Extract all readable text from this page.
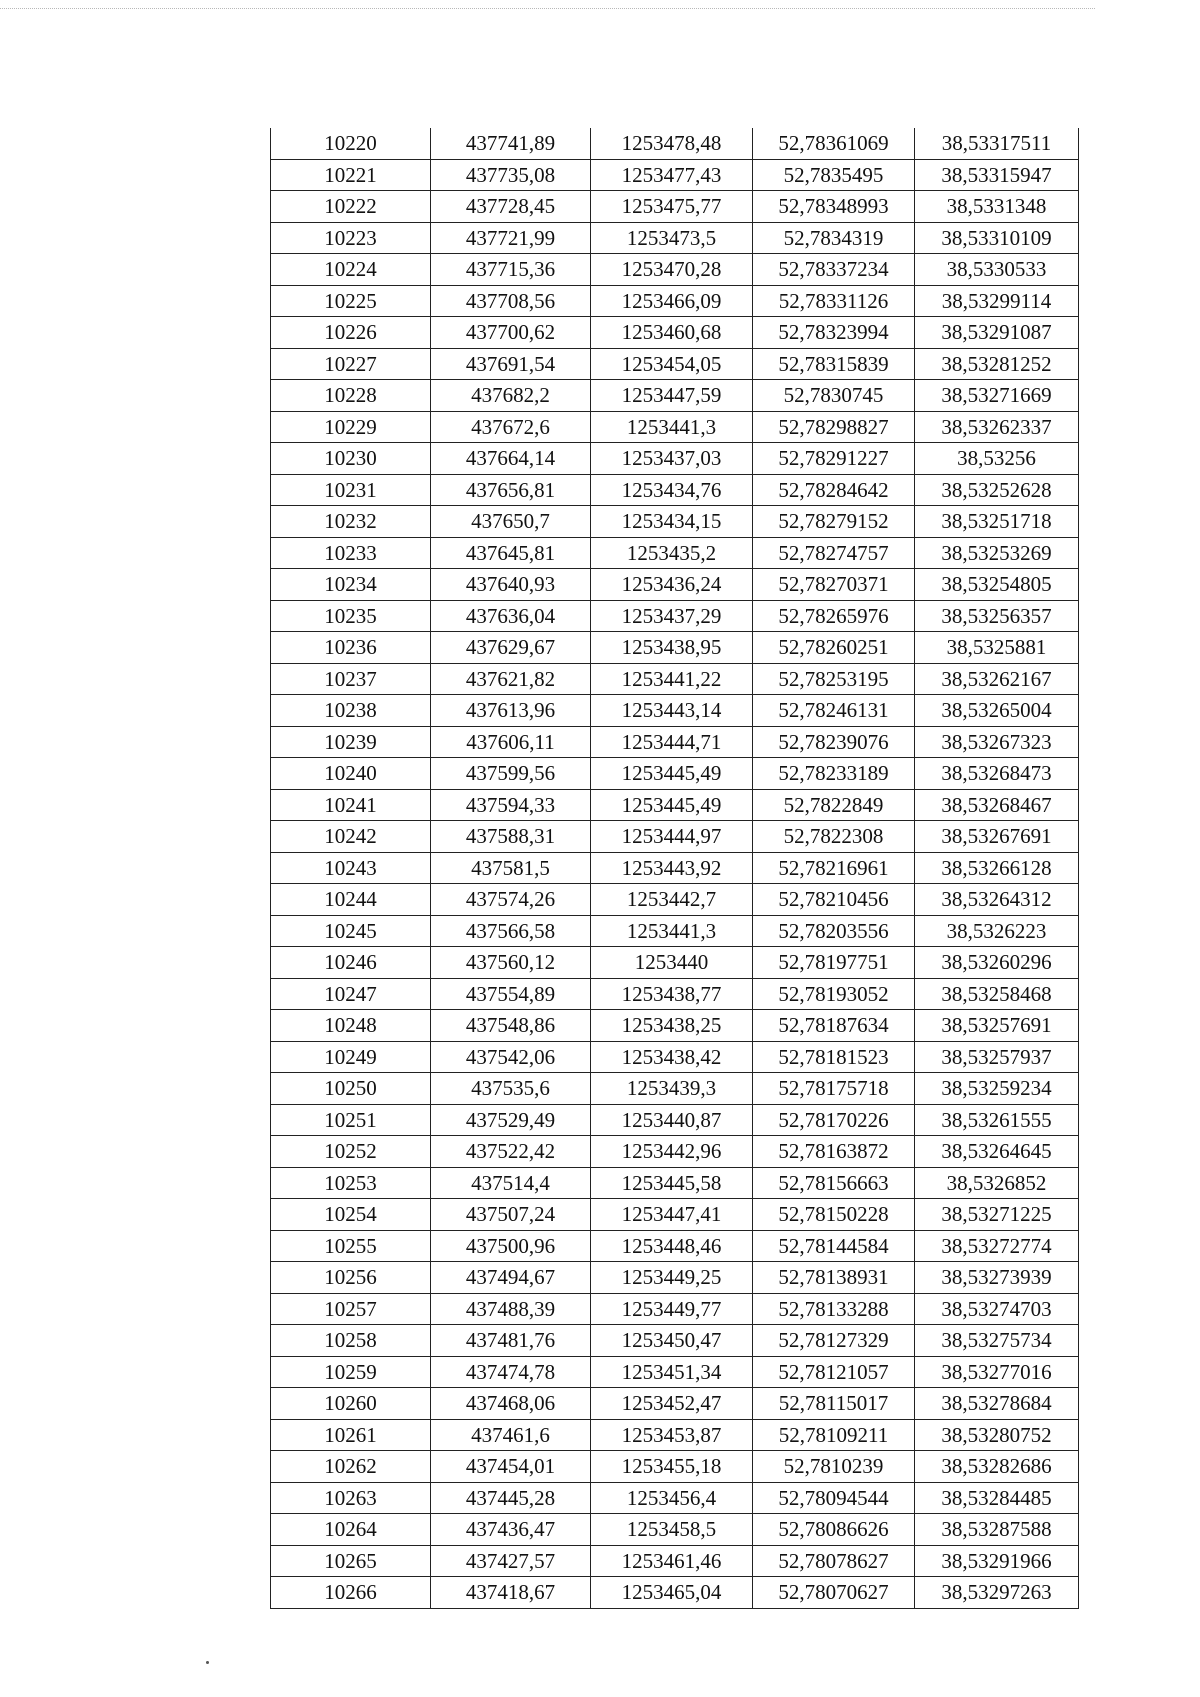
10220	437741,89	1253478,48	52,78361069	38,53317511
10221	437735,08	1253477,43	52,7835495	38,53315947
10222	437728,45	1253475,77	52,78348993	38,5331348
10223	437721,99	1253473,5	52,7834319	38,53310109
10224	437715,36	1253470,28	52,78337234	38,5330533
10225	437708,56	1253466,09	52,78331126	38,53299114
10226	437700,62	1253460,68	52,78323994	38,53291087
10227	437691,54	1253454,05	52,78315839	38,53281252
10228	437682,2	1253447,59	52,7830745	38,53271669
10229	437672,6	1253441,3	52,78298827	38,53262337
10230	437664,14	1253437,03	52,78291227	38,53256
10231	437656,81	1253434,76	52,78284642	38,53252628
10232	437650,7	1253434,15	52,78279152	38,53251718
10233	437645,81	1253435,2	52,78274757	38,53253269
10234	437640,93	1253436,24	52,78270371	38,53254805
10235	437636,04	1253437,29	52,78265976	38,53256357
10236	437629,67	1253438,95	52,78260251	38,5325881
10237	437621,82	1253441,22	52,78253195	38,53262167
10238	437613,96	1253443,14	52,78246131	38,53265004
10239	437606,11	1253444,71	52,78239076	38,53267323
10240	437599,56	1253445,49	52,78233189	38,53268473
10241	437594,33	1253445,49	52,7822849	38,53268467
10242	437588,31	1253444,97	52,7822308	38,53267691
10243	437581,5	1253443,92	52,78216961	38,53266128
10244	437574,26	1253442,7	52,78210456	38,53264312
10245	437566,58	1253441,3	52,78203556	38,5326223
10246	437560,12	1253440	52,78197751	38,53260296
10247	437554,89	1253438,77	52,78193052	38,53258468
10248	437548,86	1253438,25	52,78187634	38,53257691
10249	437542,06	1253438,42	52,78181523	38,53257937
10250	437535,6	1253439,3	52,78175718	38,53259234
10251	437529,49	1253440,87	52,78170226	38,53261555
10252	437522,42	1253442,96	52,78163872	38,53264645
10253	437514,4	1253445,58	52,78156663	38,5326852
10254	437507,24	1253447,41	52,78150228	38,53271225
10255	437500,96	1253448,46	52,78144584	38,53272774
10256	437494,67	1253449,25	52,78138931	38,53273939
10257	437488,39	1253449,77	52,78133288	38,53274703
10258	437481,76	1253450,47	52,78127329	38,53275734
10259	437474,78	1253451,34	52,78121057	38,53277016
10260	437468,06	1253452,47	52,78115017	38,53278684
10261	437461,6	1253453,87	52,78109211	38,53280752
10262	437454,01	1253455,18	52,7810239	38,53282686
10263	437445,28	1253456,4	52,78094544	38,53284485
10264	437436,47	1253458,5	52,78086626	38,53287588
10265	437427,57	1253461,46	52,78078627	38,53291966
10266	437418,67	1253465,04	52,78070627	38,53297263
